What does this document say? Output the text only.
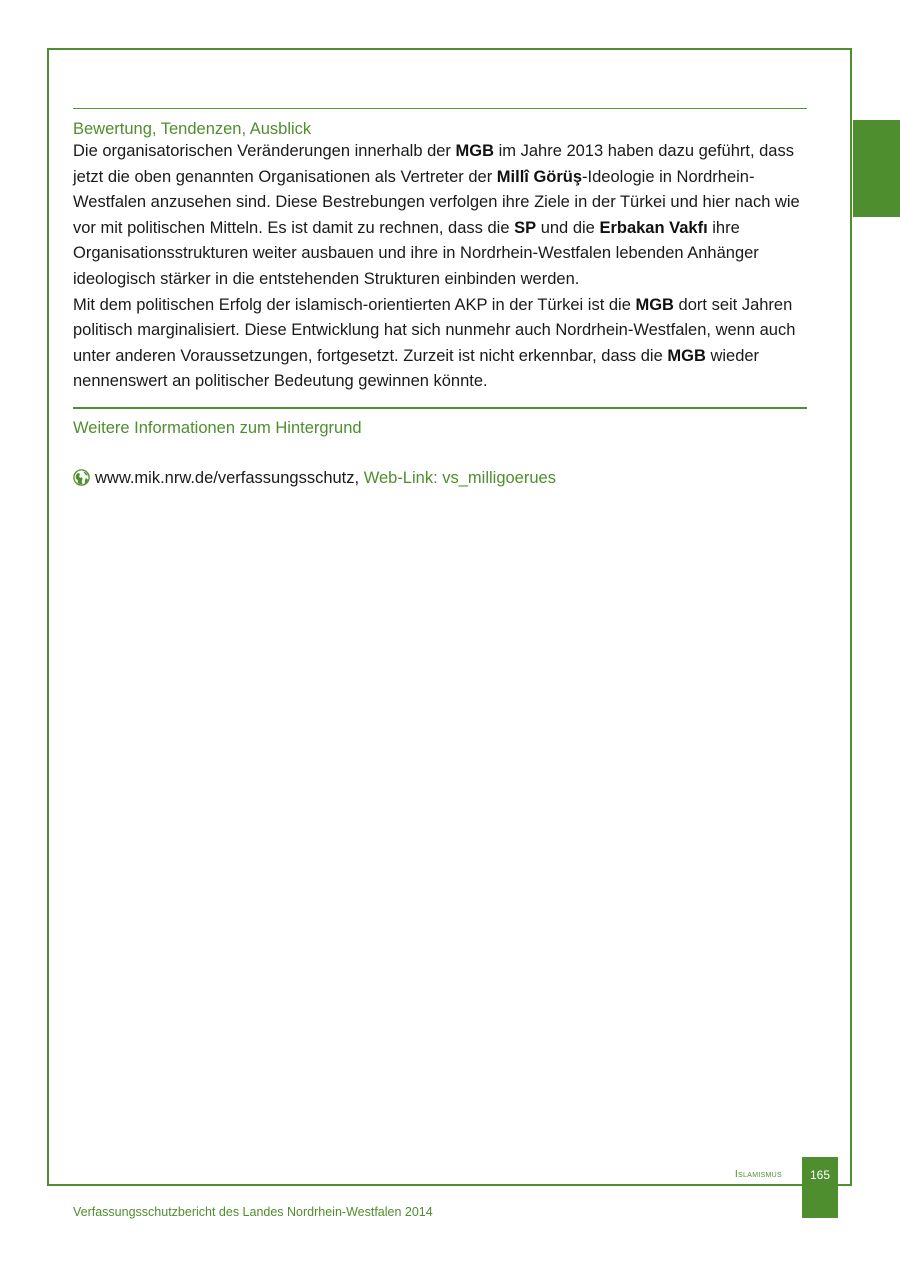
Bewertung, Tendenzen, Ausblick

Die organisatorischen Veränderungen innerhalb der MGB im Jahre 2013 haben dazu geführt, dass jetzt die oben genannten Organisationen als Vertreter der Millî Görüş-Ideologie in Nordrhein-Westfalen anzusehen sind. Diese Bestrebungen verfolgen ihre Ziele in der Türkei und hier nach wie vor mit politischen Mitteln. Es ist damit zu rechnen, dass die SP und die Erbakan Vakfı ihre Organisationsstrukturen weiter ausbauen und ihre in Nordrhein-Westfalen lebenden Anhänger ideologisch stärker in die entstehenden Strukturen einbinden werden.

Mit dem politischen Erfolg der islamisch-orientierten AKP in der Türkei ist die MGB dort seit Jahren politisch marginalisiert. Diese Entwicklung hat sich nunmehr auch Nordrhein-Westfalen, wenn auch unter anderen Voraussetzungen, fortgesetzt. Zurzeit ist nicht erkennbar, dass die MGB wieder nennenswert an politischer Bedeutung gewinnen könnte.

Weitere Informationen zum Hintergrund
www.mik.nrw.de/verfassungsschutz , Web-Link: vs_milligoerues
Islamismus	165
Verfassungsschutzbericht des Landes Nordrhein-Westfalen 2014
